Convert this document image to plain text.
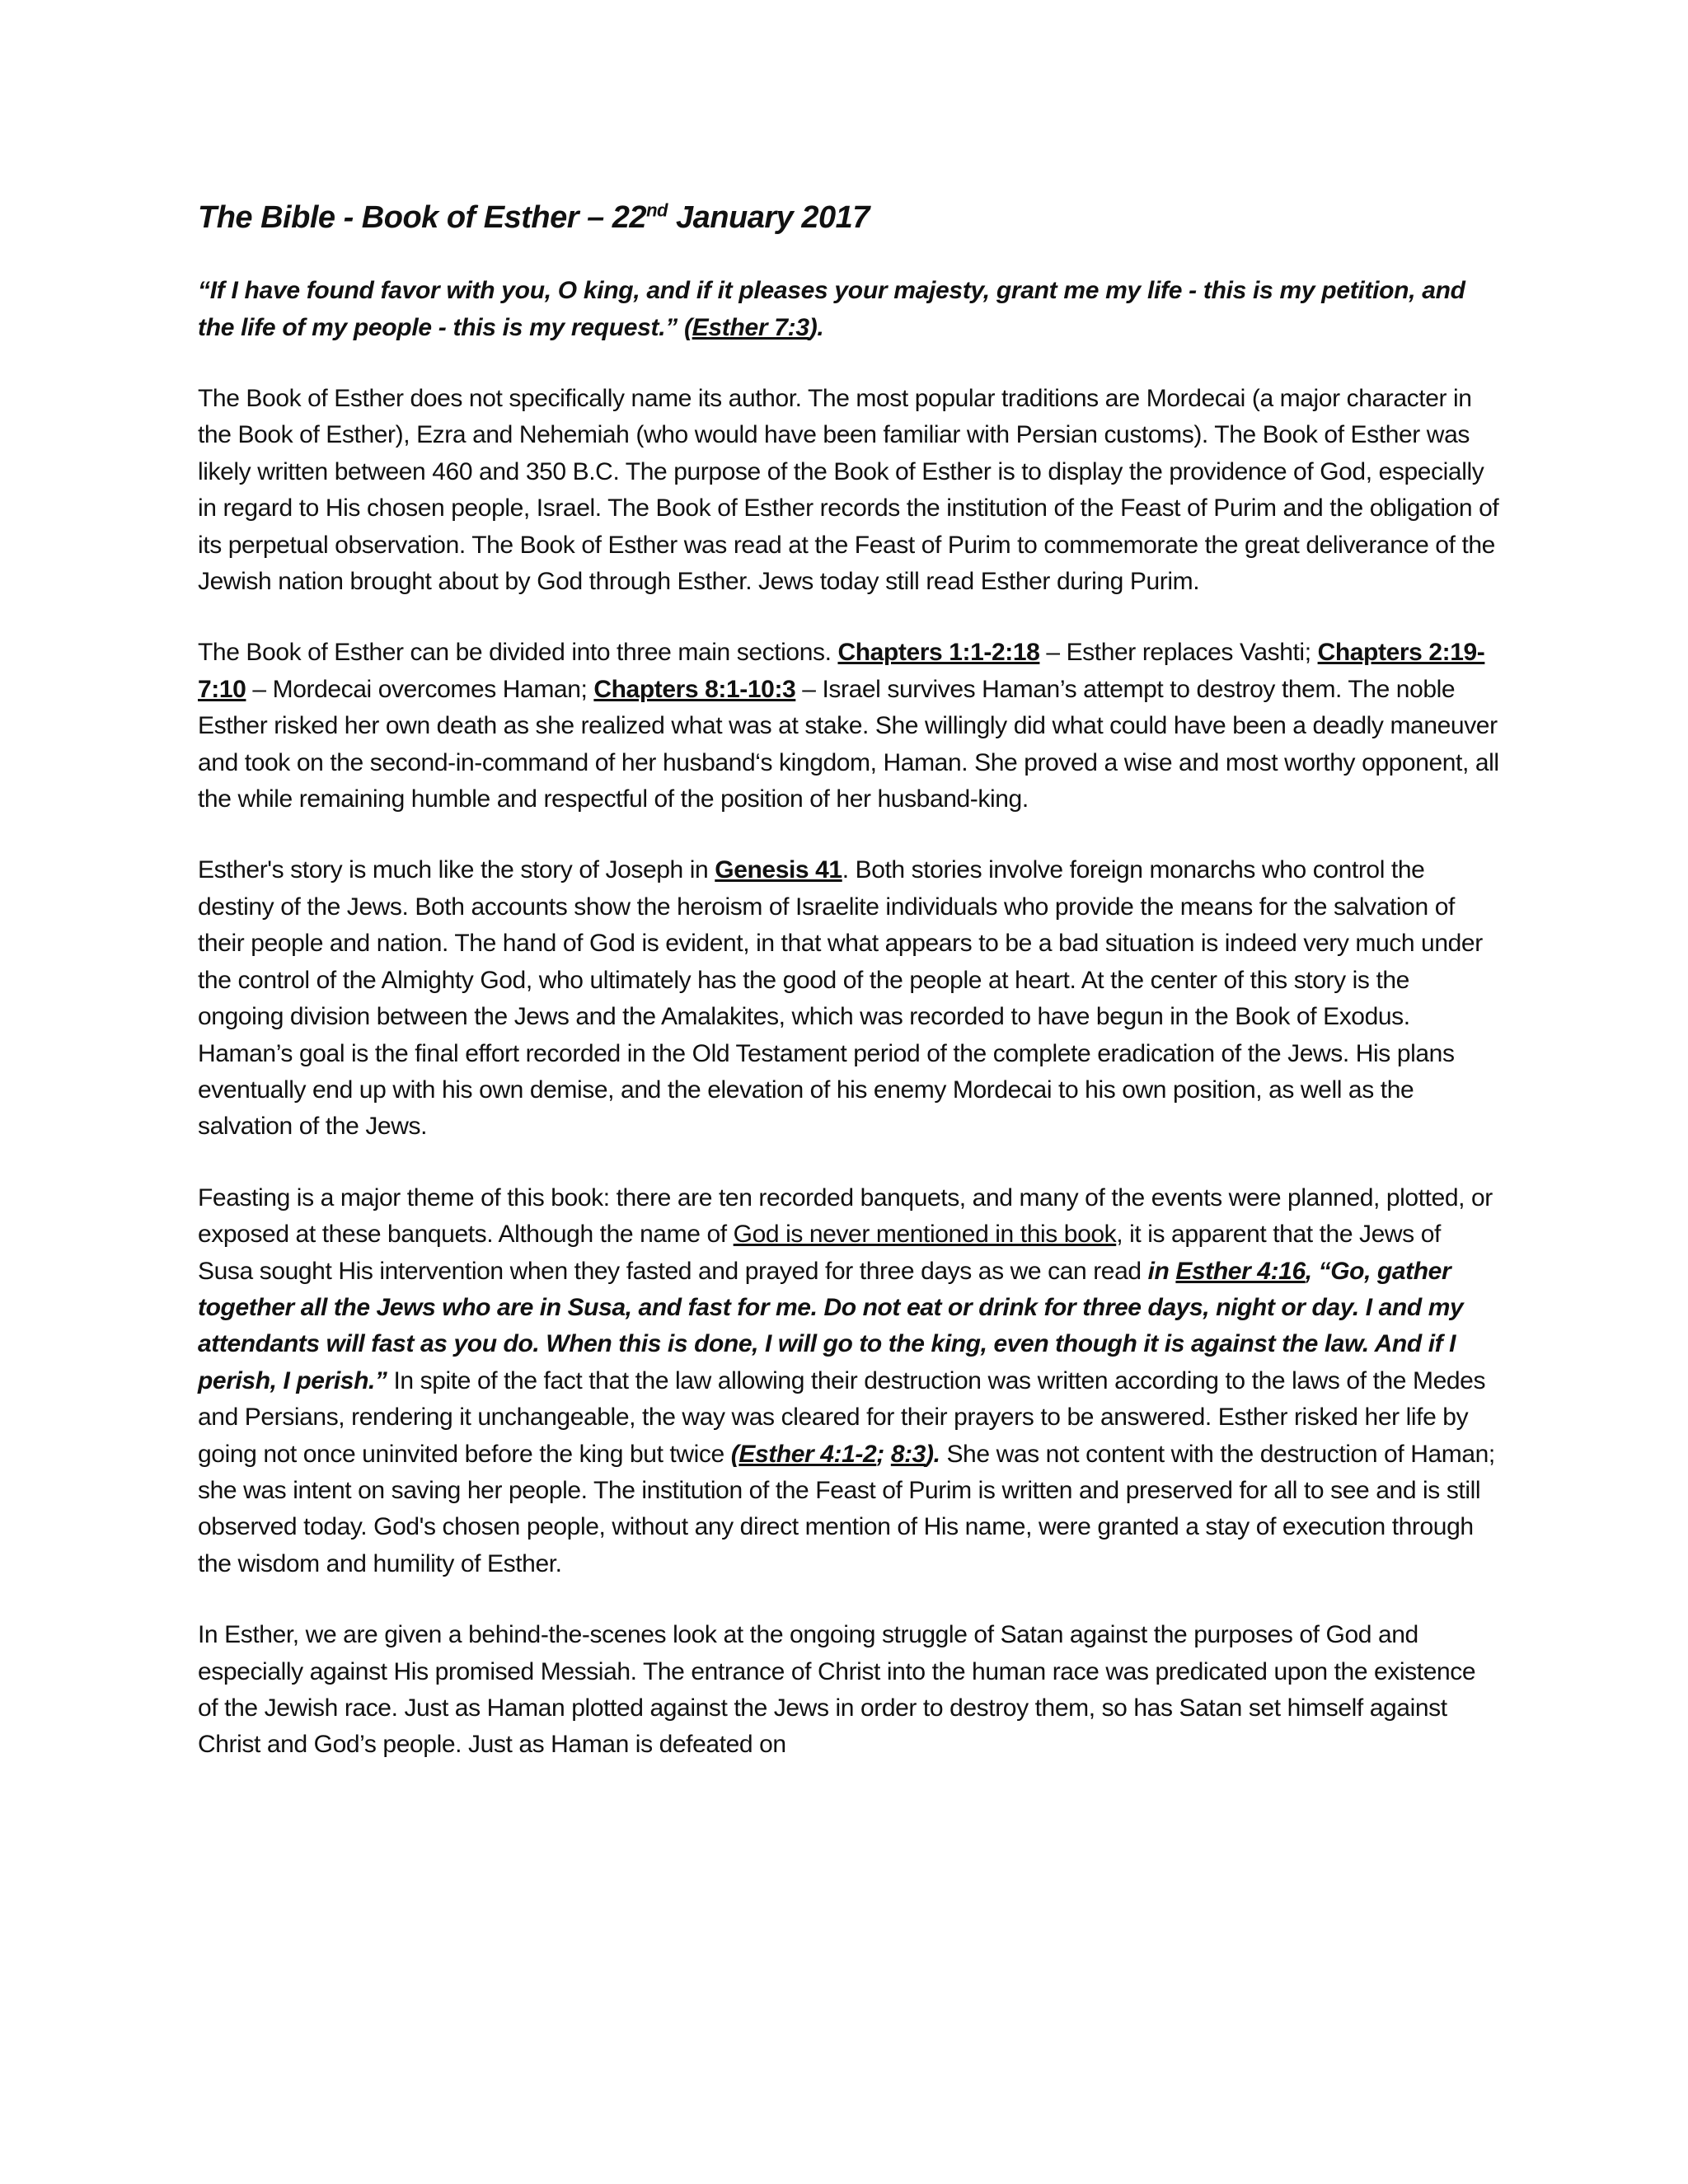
The Bible - Book of Esther – 22nd January 2017
“If I have found favor with you, O king, and if it pleases your majesty, grant me my life - this is my petition, and the life of my people - this is my request.” (Esther 7:3).

The Book of Esther does not specifically name its author. The most popular traditions are Mordecai (a major character in the Book of Esther), Ezra and Nehemiah (who would have been familiar with Persian customs). The Book of Esther was likely written between 460 and 350 B.C. The purpose of the Book of Esther is to display the providence of God, especially in regard to His chosen people, Israel. The Book of Esther records the institution of the Feast of Purim and the obligation of its perpetual observation. The Book of Esther was read at the Feast of Purim to commemorate the great deliverance of the Jewish nation brought about by God through Esther. Jews today still read Esther during Purim.

The Book of Esther can be divided into three main sections. Chapters 1:1-2:18 – Esther replaces Vashti; Chapters 2:19-7:10 – Mordecai overcomes Haman; Chapters 8:1-10:3 – Israel survives Haman’s attempt to destroy them. The noble Esther risked her own death as she realized what was at stake. She willingly did what could have been a deadly maneuver and took on the second-in-command of her husband‘s kingdom, Haman. She proved a wise and most worthy opponent, all the while remaining humble and respectful of the position of her husband-king.

Esther's story is much like the story of Joseph in Genesis 41. Both stories involve foreign monarchs who control the destiny of the Jews. Both accounts show the heroism of Israelite individuals who provide the means for the salvation of their people and nation. The hand of God is evident, in that what appears to be a bad situation is indeed very much under the control of the Almighty God, who ultimately has the good of the people at heart. At the center of this story is the ongoing division between the Jews and the Amalakites, which was recorded to have begun in the Book of Exodus. Haman’s goal is the final effort recorded in the Old Testament period of the complete eradication of the Jews. His plans eventually end up with his own demise, and the elevation of his enemy Mordecai to his own position, as well as the salvation of the Jews.

Feasting is a major theme of this book: there are ten recorded banquets, and many of the events were planned, plotted, or exposed at these banquets. Although the name of God is never mentioned in this book, it is apparent that the Jews of Susa sought His intervention when they fasted and prayed for three days as we can read in Esther 4:16, “Go, gather together all the Jews who are in Susa, and fast for me. Do not eat or drink for three days, night or day. I and my attendants will fast as you do. When this is done, I will go to the king, even though it is against the law. And if I perish, I perish.” In spite of the fact that the law allowing their destruction was written according to the laws of the Medes and Persians, rendering it unchangeable, the way was cleared for their prayers to be answered. Esther risked her life by going not once uninvited before the king but twice (Esther 4:1-2; 8:3). She was not content with the destruction of Haman; she was intent on saving her people. The institution of the Feast of Purim is written and preserved for all to see and is still observed today. God's chosen people, without any direct mention of His name, were granted a stay of execution through the wisdom and humility of Esther.

In Esther, we are given a behind-the-scenes look at the ongoing struggle of Satan against the purposes of God and especially against His promised Messiah. The entrance of Christ into the human race was predicated upon the existence of the Jewish race. Just as Haman plotted against the Jews in order to destroy them, so has Satan set himself against Christ and God’s people. Just as Haman is defeated on
